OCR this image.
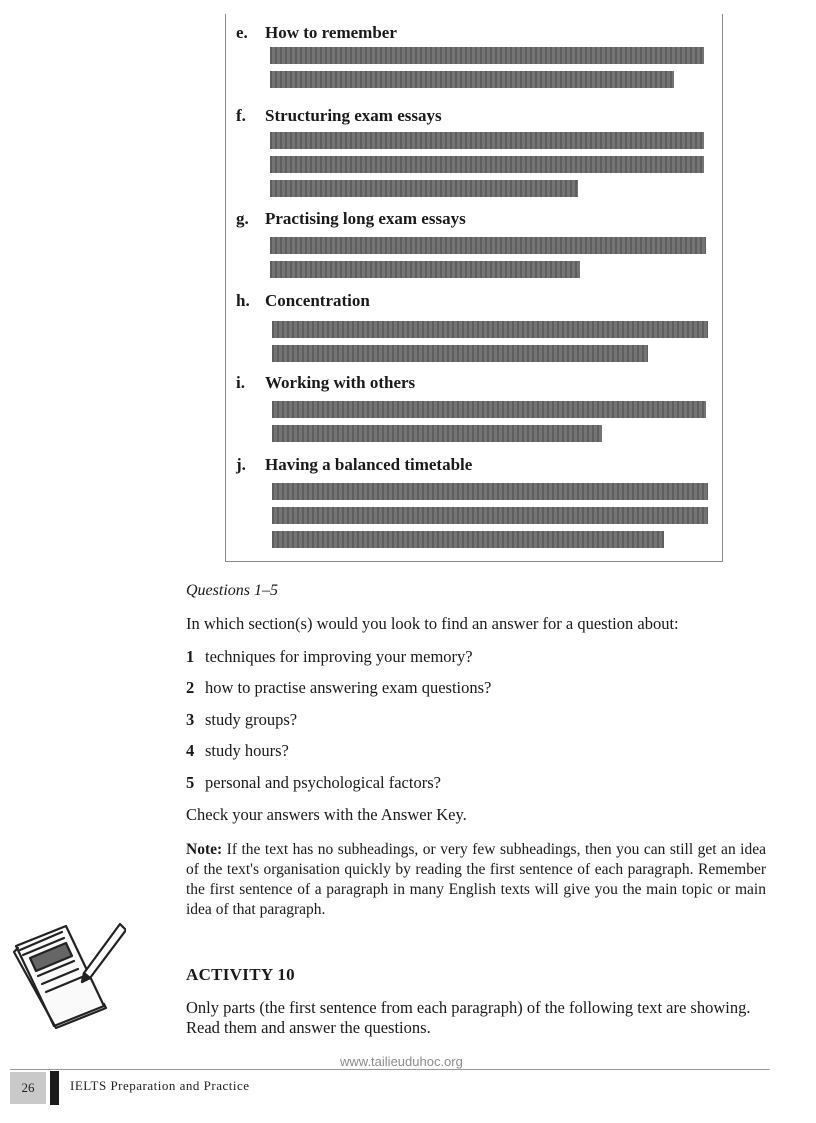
e. How to remember
f. Structuring exam essays
g. Practising long exam essays
h. Concentration
i. Working with others
j. Having a balanced timetable
Questions 1–5
In which section(s) would you look to find an answer for a question about:
1 techniques for improving your memory?
2 how to practise answering exam questions?
3 study groups?
4 study hours?
5 personal and psychological factors?
Check your answers with the Answer Key.
Note: If the text has no subheadings, or very few subheadings, then you can still get an idea of the text's organisation quickly by reading the first sentence of each paragraph. Remember the first sentence of a paragraph in many English texts will give you the main topic or main idea of that paragraph.
ACTIVITY 10
Only parts (the first sentence from each paragraph) of the following text are showing. Read them and answer the questions.
www.tailieuduhoc.org
26	IELTS Preparation and Practice
